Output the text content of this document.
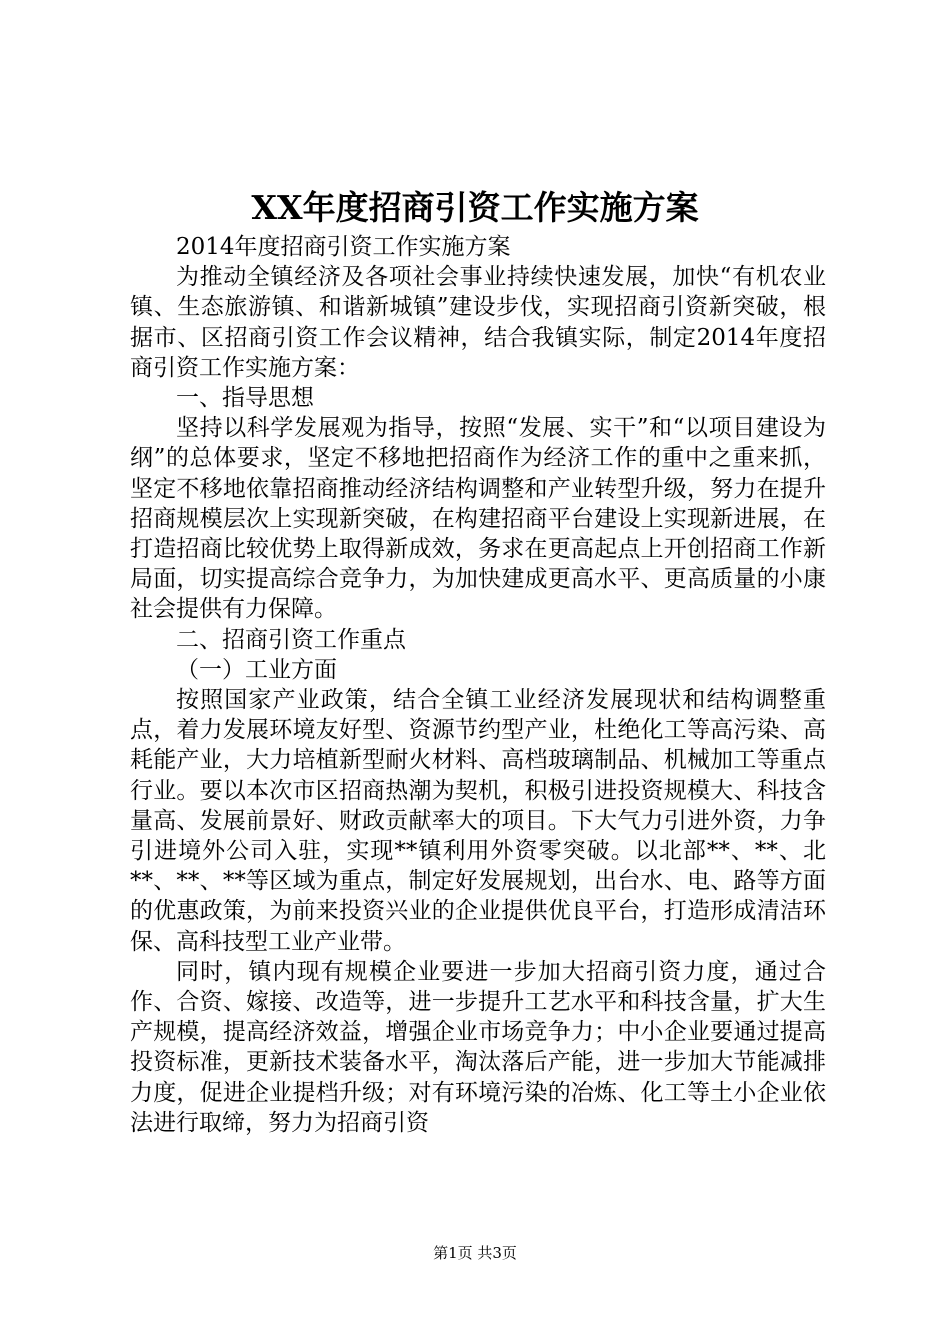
XX年度招商引资工作实施方案

2014年度招商引资工作实施方案

为推动全镇经济及各项社会事业持续快速发展，加快“有机农业镇、生态旅游镇、和谐新城镇”建设步伐，实现招商引资新突破，根据市、区招商引资工作会议精神，结合我镇实际，制定2014年度招商引资工作实施方案：

一、指导思想

坚持以科学发展观为指导，按照“发展、实干”和“以项目建设为纲”的总体要求，坚定不移地把招商作为经济工作的重中之重来抓，坚定不移地依靠招商推动经济结构调整和产业转型升级，努力在提升招商规模层次上实现新突破，在构建招商平台建设上实现新进展，在打造招商比较优势上取得新成效，务求在更高起点上开创招商工作新局面，切实提高综合竞争力，为加快建成更高水平、更高质量的小康社会提供有力保障。

二、招商引资工作重点

（一）工业方面

按照国家产业政策，结合全镇工业经济发展现状和结构调整重点，着力发展环境友好型、资源节约型产业，杜绝化工等高污染、高耗能产业，大力培植新型耐火材料、高档玻璃制品、机械加工等重点行业。要以本次市区招商热潮为契机，积极引进投资规模大、科技含量高、发展前景好、财政贡献率大的项目。下大气力引进外资，力争引进境外公司入驻，实现**镇利用外资零突破。以北部**、**、北**、**、**等区域为重点，制定好发展规划，出台水、电、路等方面的优惠政策，为前来投资兴业的企业提供优良平台，打造形成清洁环保、高科技型工业产业带。

同时，镇内现有规模企业要进一步加大招商引资力度，通过合作、合资、嫁接、改造等，进一步提升工艺水平和科技含量，扩大生产规模，提高经济效益，增强企业市场竞争力；中小企业要通过提高投资标准，更新技术装备水平，淘汰落后产能，进一步加大节能减排力度，促进企业提档升级；对有环境污染的冶炼、化工等土小企业依法进行取缔，努力为招商引资

第1页 共3页
